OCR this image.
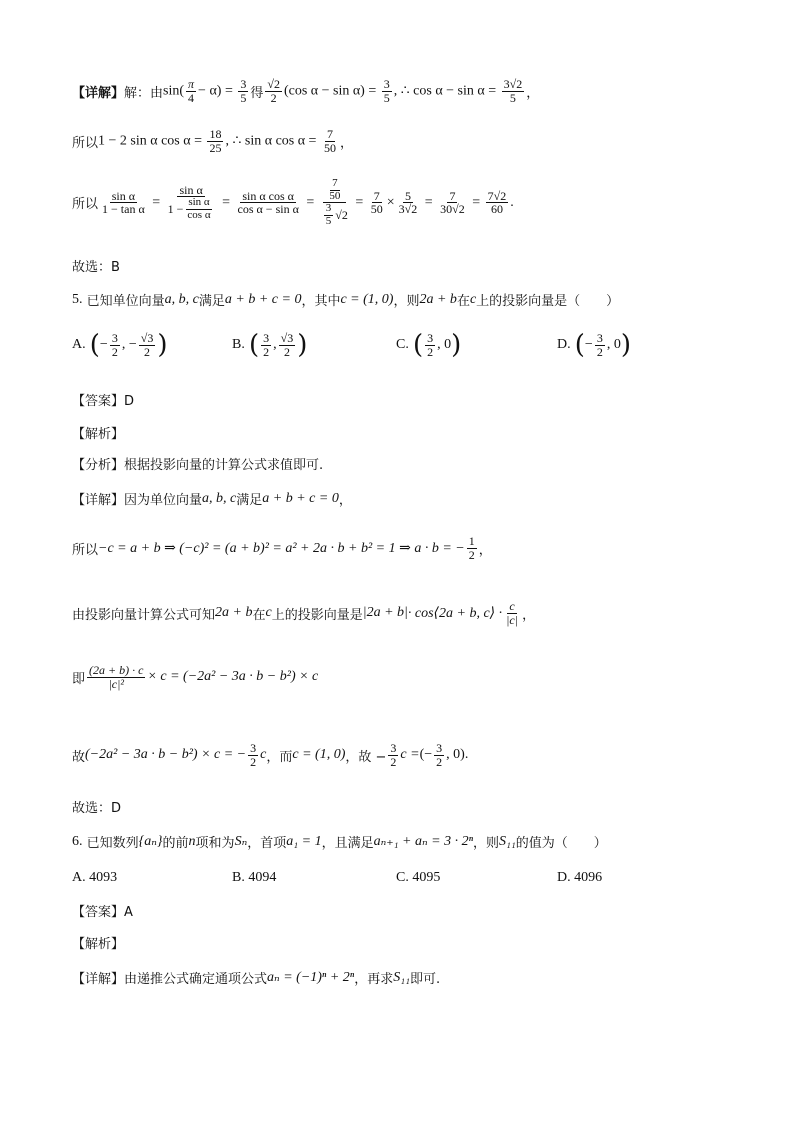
【详解】 解：由 $\sin( \frac{\pi}{4} - \alpha) = \frac{3}{5}$ 得 $\frac{√2}{2} (\cos$ $\alpha - \sin \alpha) = \frac{3}{5}$ , ∴ $\cos \alpha - \sin \alpha = \frac{3√2}{5}$ ，
所以 1 − 2 sin α $\cos \alpha = \frac{18}{25}$ , ∴ sin α $\cos \alpha = \frac{7}{50}$ ，
所以 $\frac{\text{sin α}}{\text{1 − tan α}} = \frac{\text{sin α}}{1 - \frac{\text{sin α}}{\text{cos α}}} = \frac{\text{sin α cos α}}{\text{cos α − sin α}} = \frac{\frac{7}{50}}{\frac{3}{5} √2} = \frac{7}{50} \times \frac{5}{3√2} = \frac{7}{30√2} = \frac{7√2}{60}$ .
故选：B
5.
已知单位向量 a, b, c 满足 a + b + c = 0 ，其中 c = (1, 0) ，则 2a + b 在 c 上的投影向量是（　　）
A.
( − $\frac{3}{2}$ , − $\frac{√3}{2}$ )	B.
( $\frac{3}{2}$ , $\frac{√3}{2}$ )	C.
( $\frac{3}{2}$ , 0 )	D.
( − $\frac{3}{2}$ , 0 )
【答案】D
【解析】
【分析】 根据投影向量的计算公式求值即可.
【详解】 因为单位向量 a, b, c 满足 a + b + c = 0 ，
所以 −c = a + b ⇒ (−c)² = (a + b)² = a² + 2a · b + b² = 1 ⇒ a · b = − $\frac{1}{2}$ ，
由投影向量计算公式可知 2a + b 在 c 上的投影向量是 |2a + b| · cos⟨2a + b, c⟩ · $\frac{c}{|c|}$ ，
即 $\frac{(2a + b) \cdot c}{\text{|c|²}} \times c = (-2a^2 - 3a \cdot b - b^2) \times c$
故 (−2a² − 3a · b − b²) × c = − $\frac{3}{2}$ c ，而 c = (1, 0) ，故 − $\frac{3}{2}$ c = (− $\frac{3}{2}$ , 0) .
故选：D
6.
已知数列 {aₙ} 的前 n 项和为 Sₙ ，首项 a₁ = 1 ，且满足 aₙ₊₁ + aₙ = 3 · 2ⁿ ，则 S₁₁ 的值为（　　）
A. 4093	B. 4094	C. 4095	D. 4096
【答案】A
【解析】
【详解】 由递推公式确定通项公式 aₙ = (−1)ⁿ + 2ⁿ ，再求 S₁₁ 即可.
